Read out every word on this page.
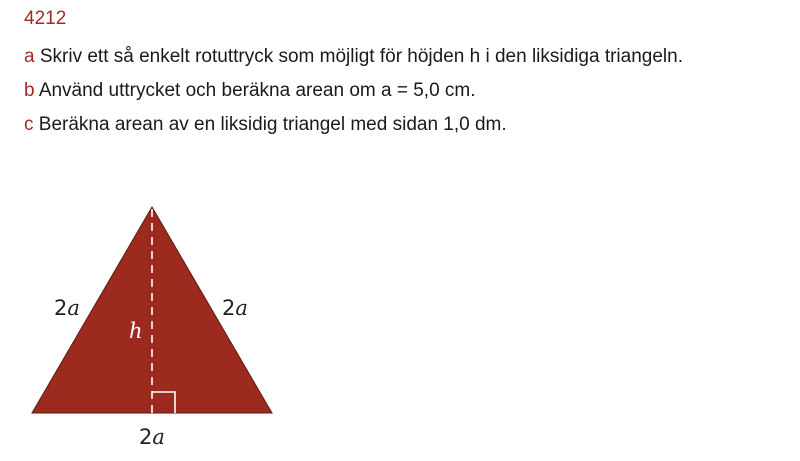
4212

a Skriv ett så enkelt rotuttryck som möjligt för höjden h i den liksidiga triangeln.

b Använd uttrycket och beräkna arean om a = 5,0 cm.

c Beräkna arean av en liksidig triangel med sidan 1,0 dm.

2a	2a
2a
h
